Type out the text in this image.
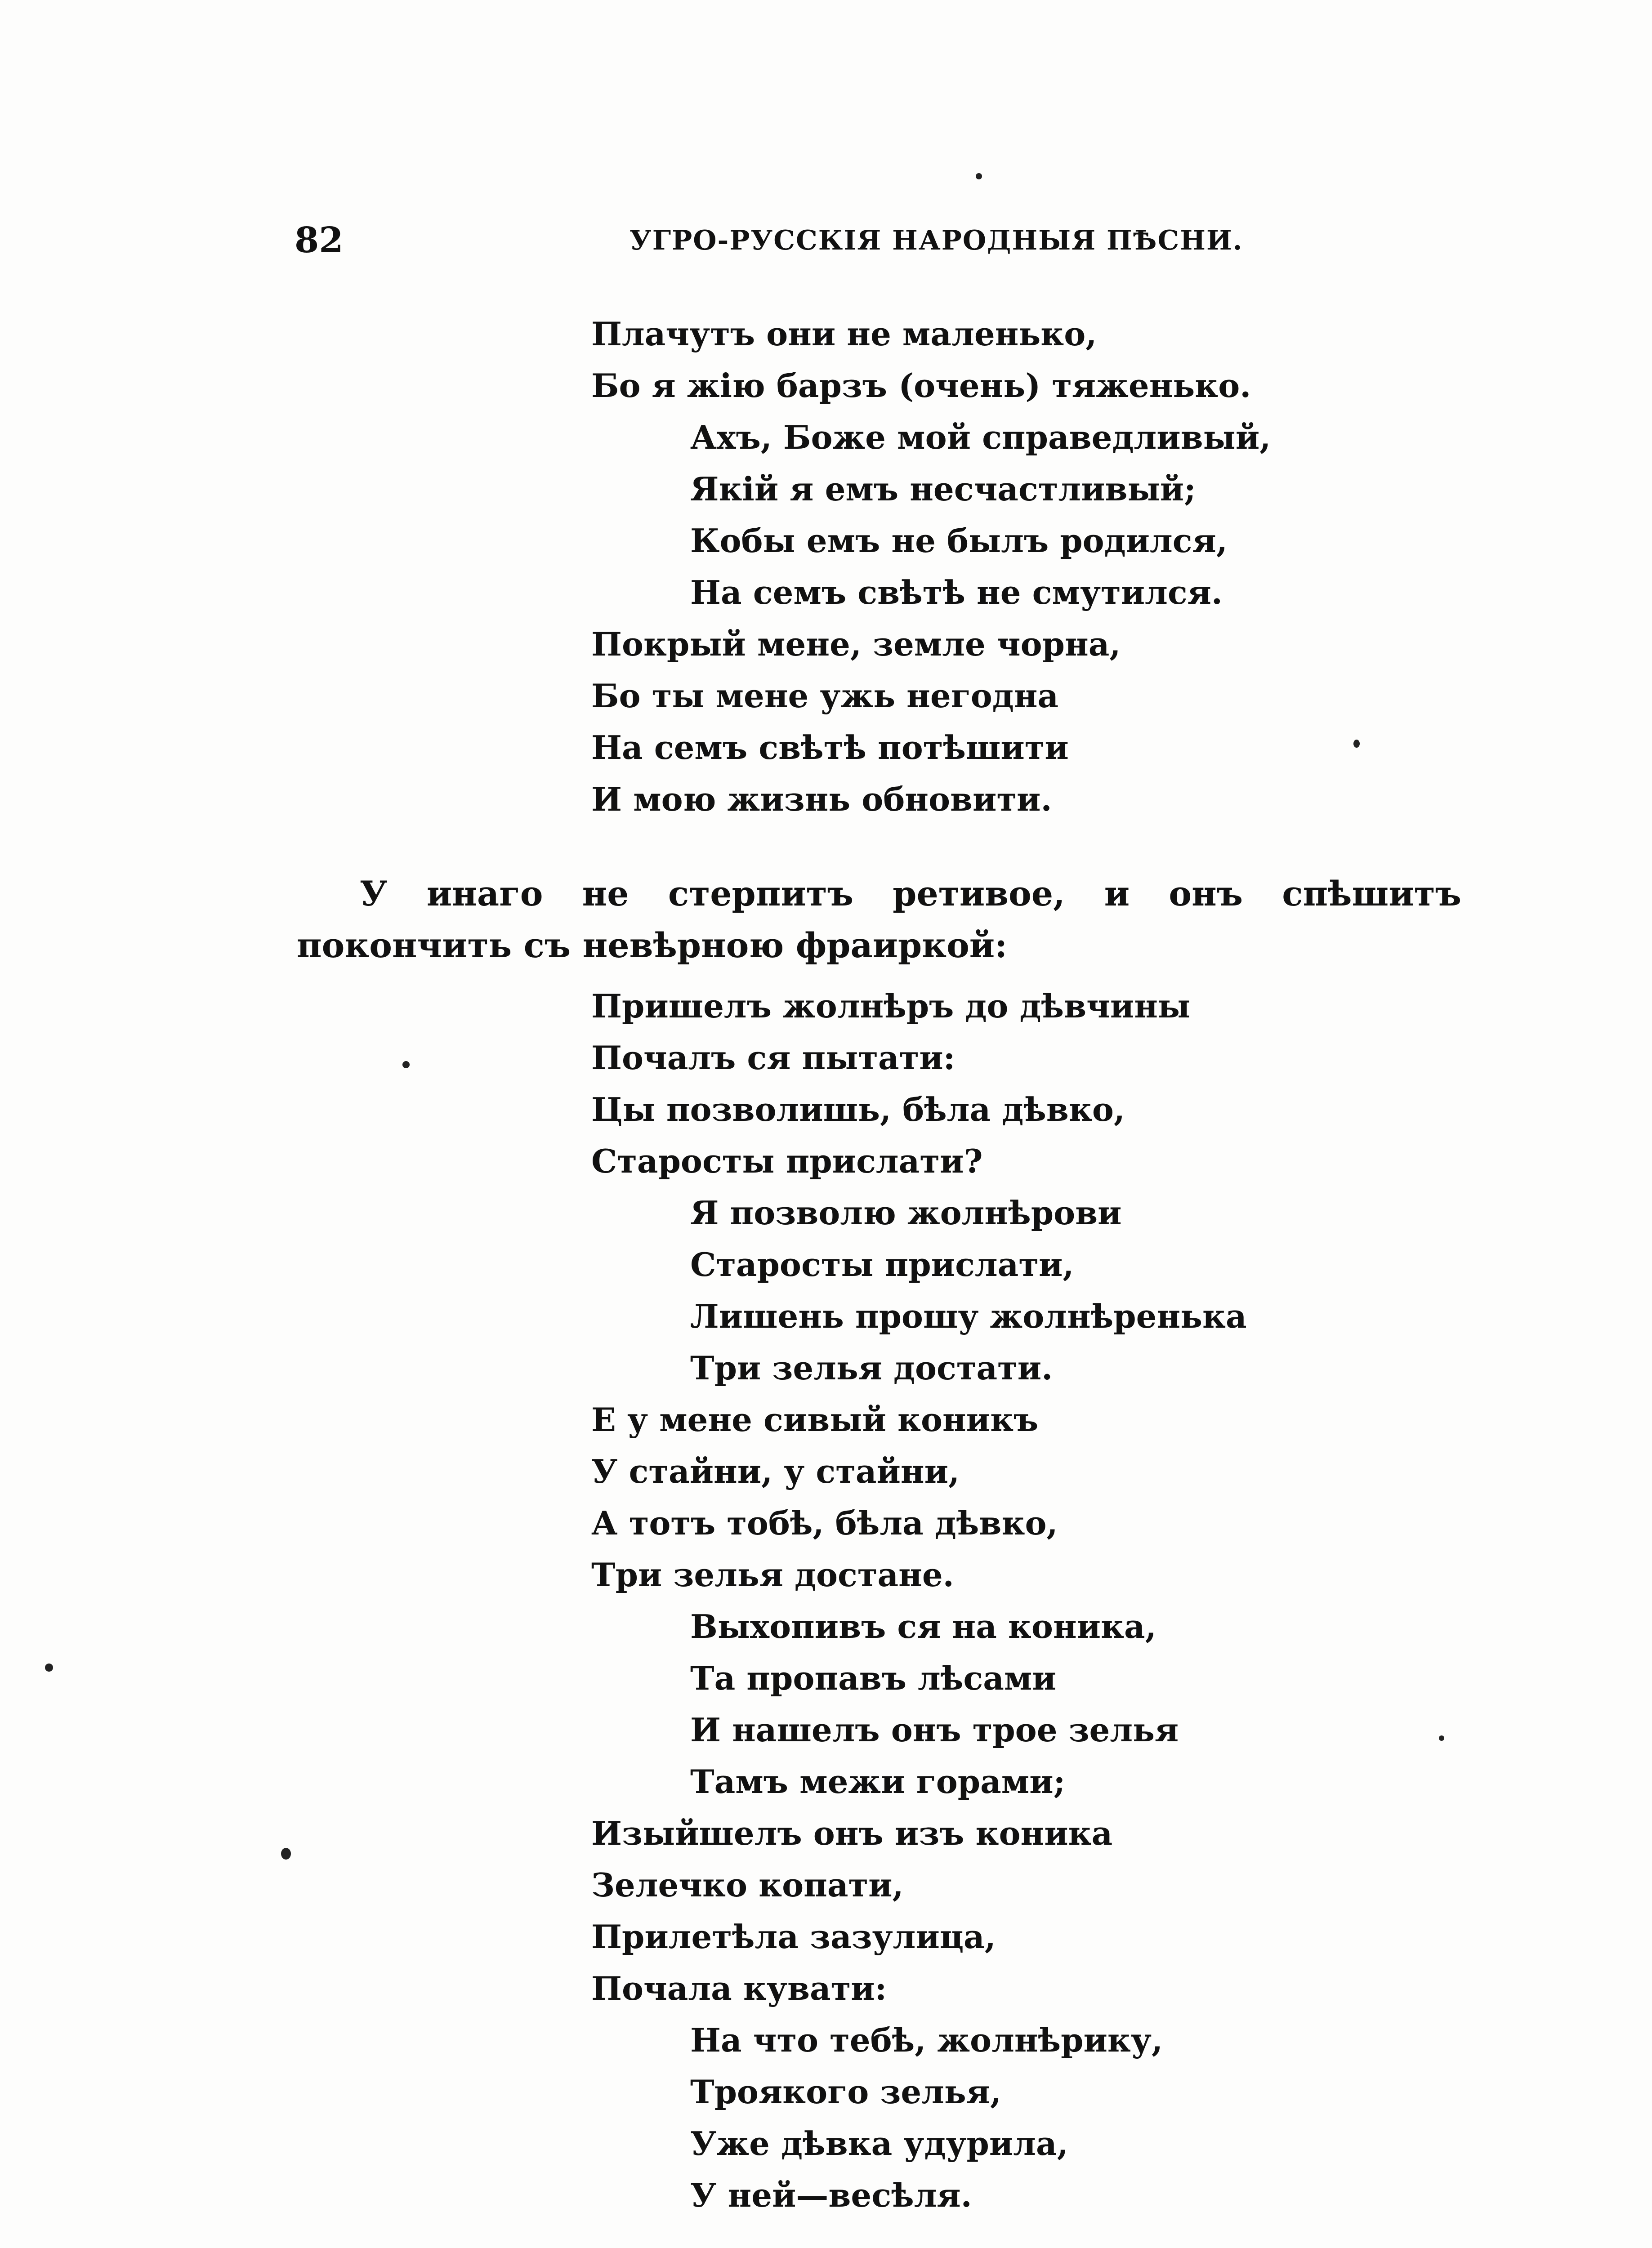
82	УГРО-РУССКІЯ НАРОДНЫЯ ПѢСНИ.
Плачутъ они не маленько,
Бо я жію барзъ (очень) тяженько.
Ахъ, Боже мой справедливый,
Якій я емъ несчастливый;
Кобы емъ не былъ родился,
На семъ свѣтѣ не смутился.
Покрый мене, земле чорна,
Бо ты мене ужь негодна
На семъ свѣтѣ потѣшити
И мою жизнь обновити.

У инаго не стерпитъ ретивое, и онъ спѣшитъ покончить съ невѣрною фраиркой:

Пришелъ жолнѣръ до дѣвчины
Почалъ ся пытати:
Цы позволишь, бѣла дѣвко,
Старосты прислати?
Я позволю жолнѣрови
Старосты прислати,
Лишень прошу жолнѣренька
Три зелья достати.
Е у мене сивый коникъ
У стайни, у стайни,
А тотъ тобѣ, бѣла дѣвко,
Три зелья достане.
Выхопивъ ся на коника,
Та пропавъ лѣсами
И нашелъ онъ трое зелья
Тамъ межи горами;
Изыйшелъ онъ изъ коника
Зелечко копати,
Прилетѣла зазулица,
Почала кувати:
На что тебѣ, жолнѣрику,
Троякого зелья,
Уже дѣвка удурила,
У ней—весѣля.
